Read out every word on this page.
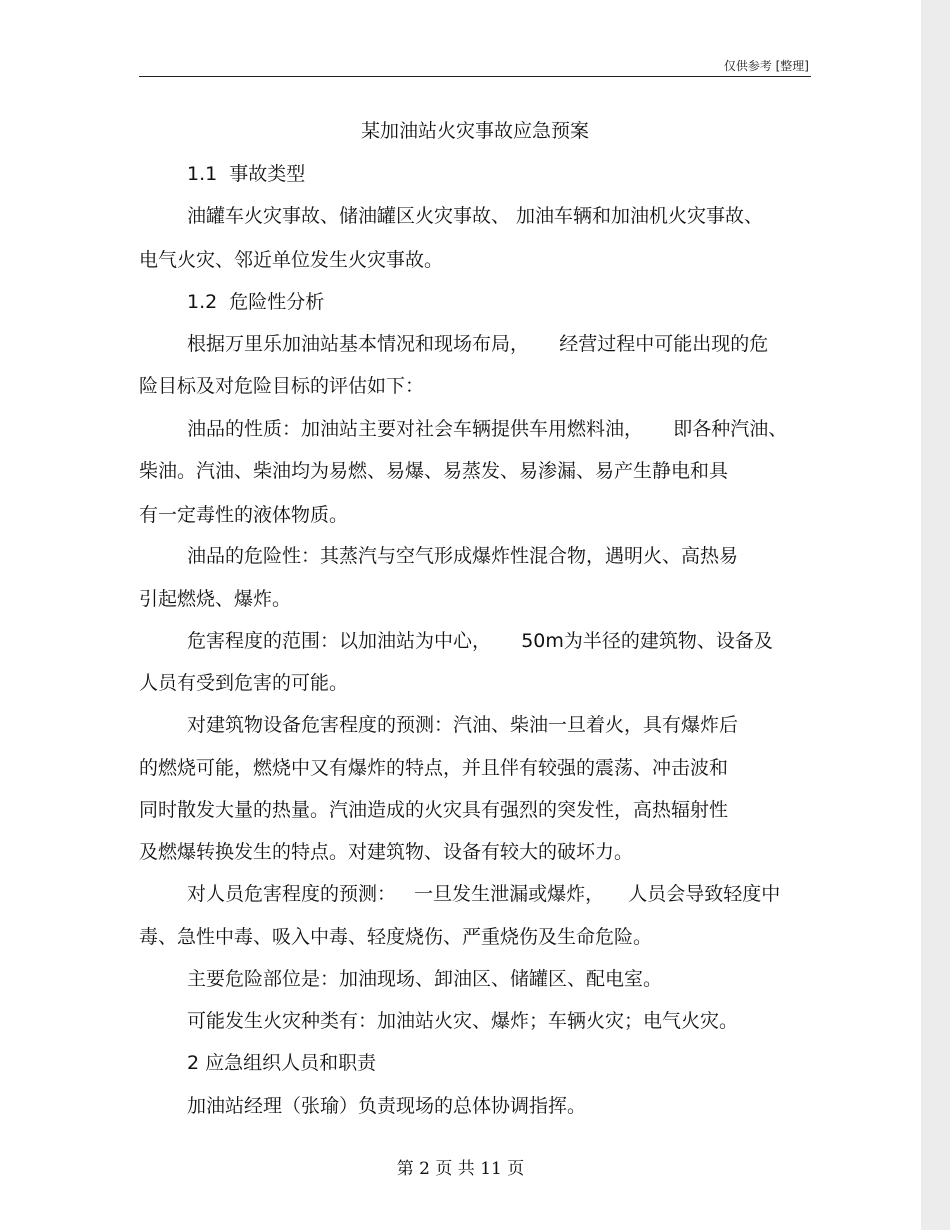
仅供参考 [整理]
某加油站火灾事故应急预案
1.1  事故类型
油罐车火灾事故、储油罐区火灾事故、 加油车辆和加油机火灾事故、
电气火灾、邻近单位发生火灾事故。
1.2  危险性分析
根据万里乐加油站基本情况和现场布局，     经营过程中可能出现的危
险目标及对危险目标的评估如下：
油品的性质：加油站主要对社会车辆提供车用燃料油，     即各种汽油、
柴油。汽油、柴油均为易燃、易爆、易蒸发、易渗漏、易产生静电和具
有一定毒性的液体物质。
油品的危险性：其蒸汽与空气形成爆炸性混合物，遇明火、高热易
引起燃烧、爆炸。
危害程度的范围：以加油站为中心，     50m为半径的建筑物、设备及
人员有受到危害的可能。
对建筑物设备危害程度的预测：汽油、柴油一旦着火，具有爆炸后
的燃烧可能，燃烧中又有爆炸的特点，并且伴有较强的震荡、冲击波和
同时散发大量的热量。汽油造成的火灾具有强烈的突发性，高热辐射性
及燃爆转换发生的特点。对建筑物、设备有较大的破坏力。
对人员危害程度的预测：   一旦发生泄漏或爆炸，    人员会导致轻度中
毒、急性中毒、吸入中毒、轻度烧伤、严重烧伤及生命危险。
主要危险部位是：加油现场、卸油区、储罐区、配电室。
可能发生火灾种类有：加油站火灾、爆炸；车辆火灾；电气火灾。
2 应急组织人员和职责
加油站经理（张瑜）负责现场的总体协调指挥。
第 2 页 共 11 页
